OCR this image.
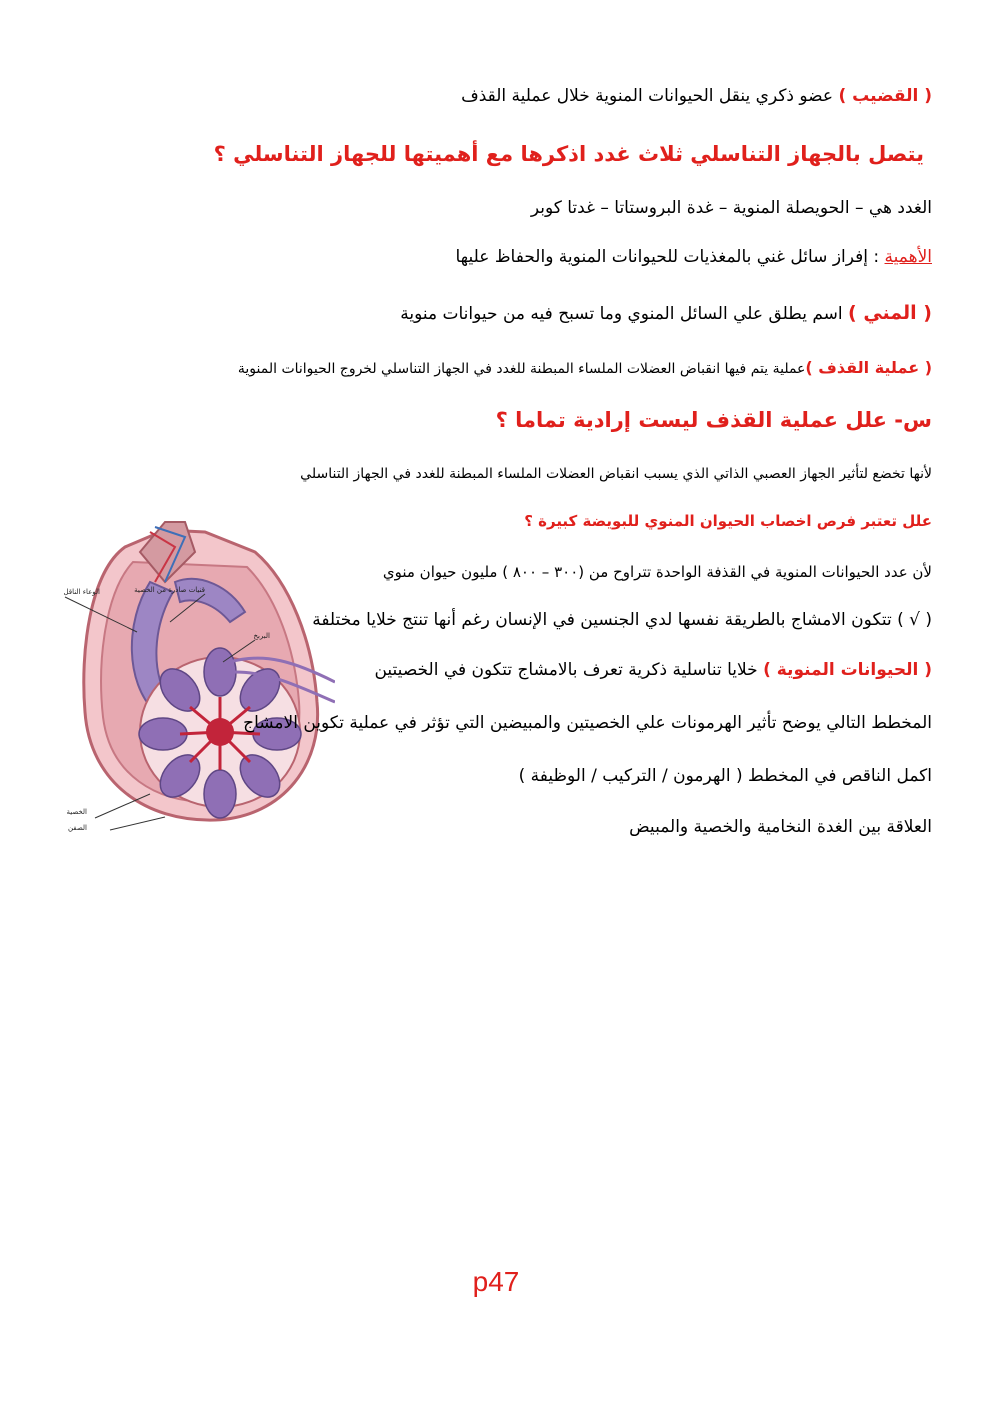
( القضيب ) عضو ذكري ينقل الحيوانات المنوية خلال عملية القذف
يتصل بالجهاز التناسلي ثلاث غدد اذكرها مع أهميتها للجهاز التناسلي ؟
الغدد هي – الحويصلة المنوية – غدة البروستاتا – غدتا كوبر
الأهمية : إفراز سائل غني بالمغذيات للحيوانات المنوية والحفاظ عليها
( المني ) اسم يطلق علي السائل المنوي وما تسبح فيه من حيوانات منوية
( عملية القذف )عملية يتم فيها انقباض العضلات الملساء المبطنة للغدد في الجهاز التناسلي لخروج الحيوانات المنوية
س- علل عملية القذف ليست إرادية تماما ؟
لأنها تخضع لتأثير الجهاز العصبي الذاتي الذي يسبب انقباض العضلات الملساء المبطنة للغدد في الجهاز التناسلي
علل تعتبر فرص اخصاب الحيوان المنوي للبويضة كبيرة ؟
لأن عدد الحيوانات المنوية في القذفة الواحدة تتراوح من (٣٠٠ – ٨٠٠ ) مليون حيوان منوي
قنيات صادرة من الخصية
الوعاء الناقل
البربخ
الخصية
الصفن
( √ ) تتكون الامشاج بالطريقة نفسها لدي الجنسين في الإنسان رغم أنها تنتج خلايا مختلفة
( الحيوانات المنوية ) خلايا تناسلية ذكرية تعرف بالامشاج تتكون في الخصيتين
المخطط التالي يوضح تأثير الهرمونات علي الخصيتين والمبيضين التي تؤثر في عملية تكوين الامشاج
اكمل الناقص في المخطط ( الهرمون / التركيب / الوظيفة )
العلاقة بين الغدة النخامية والخصية والمبيض
p47
